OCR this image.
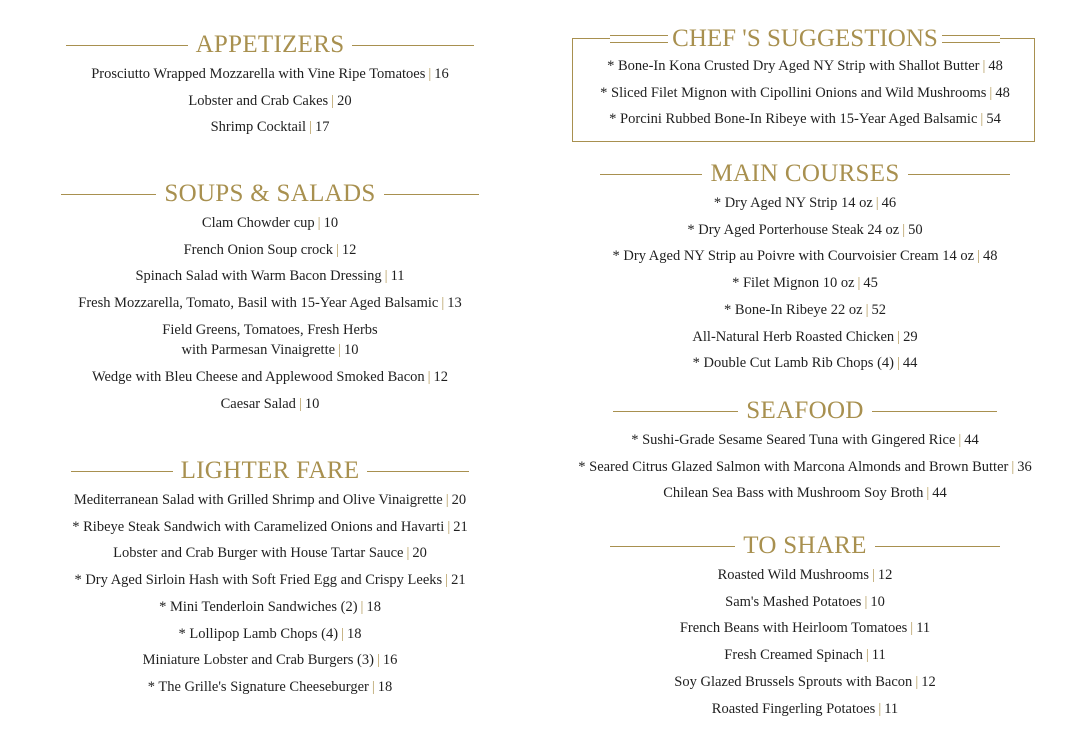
APPETIZERS
Prosciutto Wrapped Mozzarella with Vine Ripe Tomatoes | 16
Lobster and Crab Cakes | 20
Shrimp Cocktail | 17
SOUPS & SALADS
Clam Chowder cup | 10
French Onion Soup crock | 12
Spinach Salad with Warm Bacon Dressing | 11
Fresh Mozzarella, Tomato, Basil with 15-Year Aged Balsamic | 13
Field Greens, Tomatoes, Fresh Herbs
with Parmesan Vinaigrette | 10
Wedge with Bleu Cheese and Applewood Smoked Bacon | 12
Caesar Salad | 10
LIGHTER FARE
Mediterranean Salad with Grilled Shrimp and Olive Vinaigrette | 20
* Ribeye Steak Sandwich with Caramelized Onions and Havarti | 21
Lobster and Crab Burger with House Tartar Sauce | 20
* Dry Aged Sirloin Hash with Soft Fried Egg and Crispy Leeks | 21
* Mini Tenderloin Sandwiches (2) | 18
* Lollipop Lamb Chops (4) | 18
Miniature Lobster and Crab Burgers (3) | 16
* The Grille's Signature Cheeseburger | 18
CHEF 'S SUGGESTIONS
* Bone-In Kona Crusted Dry Aged NY Strip with Shallot Butter | 48
* Sliced Filet Mignon with Cipollini Onions and Wild Mushrooms | 48
* Porcini Rubbed Bone-In Ribeye with 15-Year Aged Balsamic | 54
MAIN COURSES
* Dry Aged NY Strip 14 oz | 46
* Dry Aged Porterhouse Steak 24 oz | 50
* Dry Aged NY Strip au Poivre with Courvoisier Cream 14 oz | 48
* Filet Mignon 10 oz | 45
* Bone-In Ribeye 22 oz | 52
All-Natural Herb Roasted Chicken | 29
* Double Cut Lamb Rib Chops (4) | 44
SEAFOOD
* Sushi-Grade Sesame Seared Tuna with Gingered Rice | 44
* Seared Citrus Glazed Salmon with Marcona Almonds and Brown Butter | 36
Chilean Sea Bass with Mushroom Soy Broth | 44
TO SHARE
Roasted Wild Mushrooms | 12
Sam's Mashed Potatoes | 10
French Beans with Heirloom Tomatoes | 11
Fresh Creamed Spinach | 11
Soy Glazed Brussels Sprouts with Bacon | 12
Roasted Fingerling Potatoes | 11
